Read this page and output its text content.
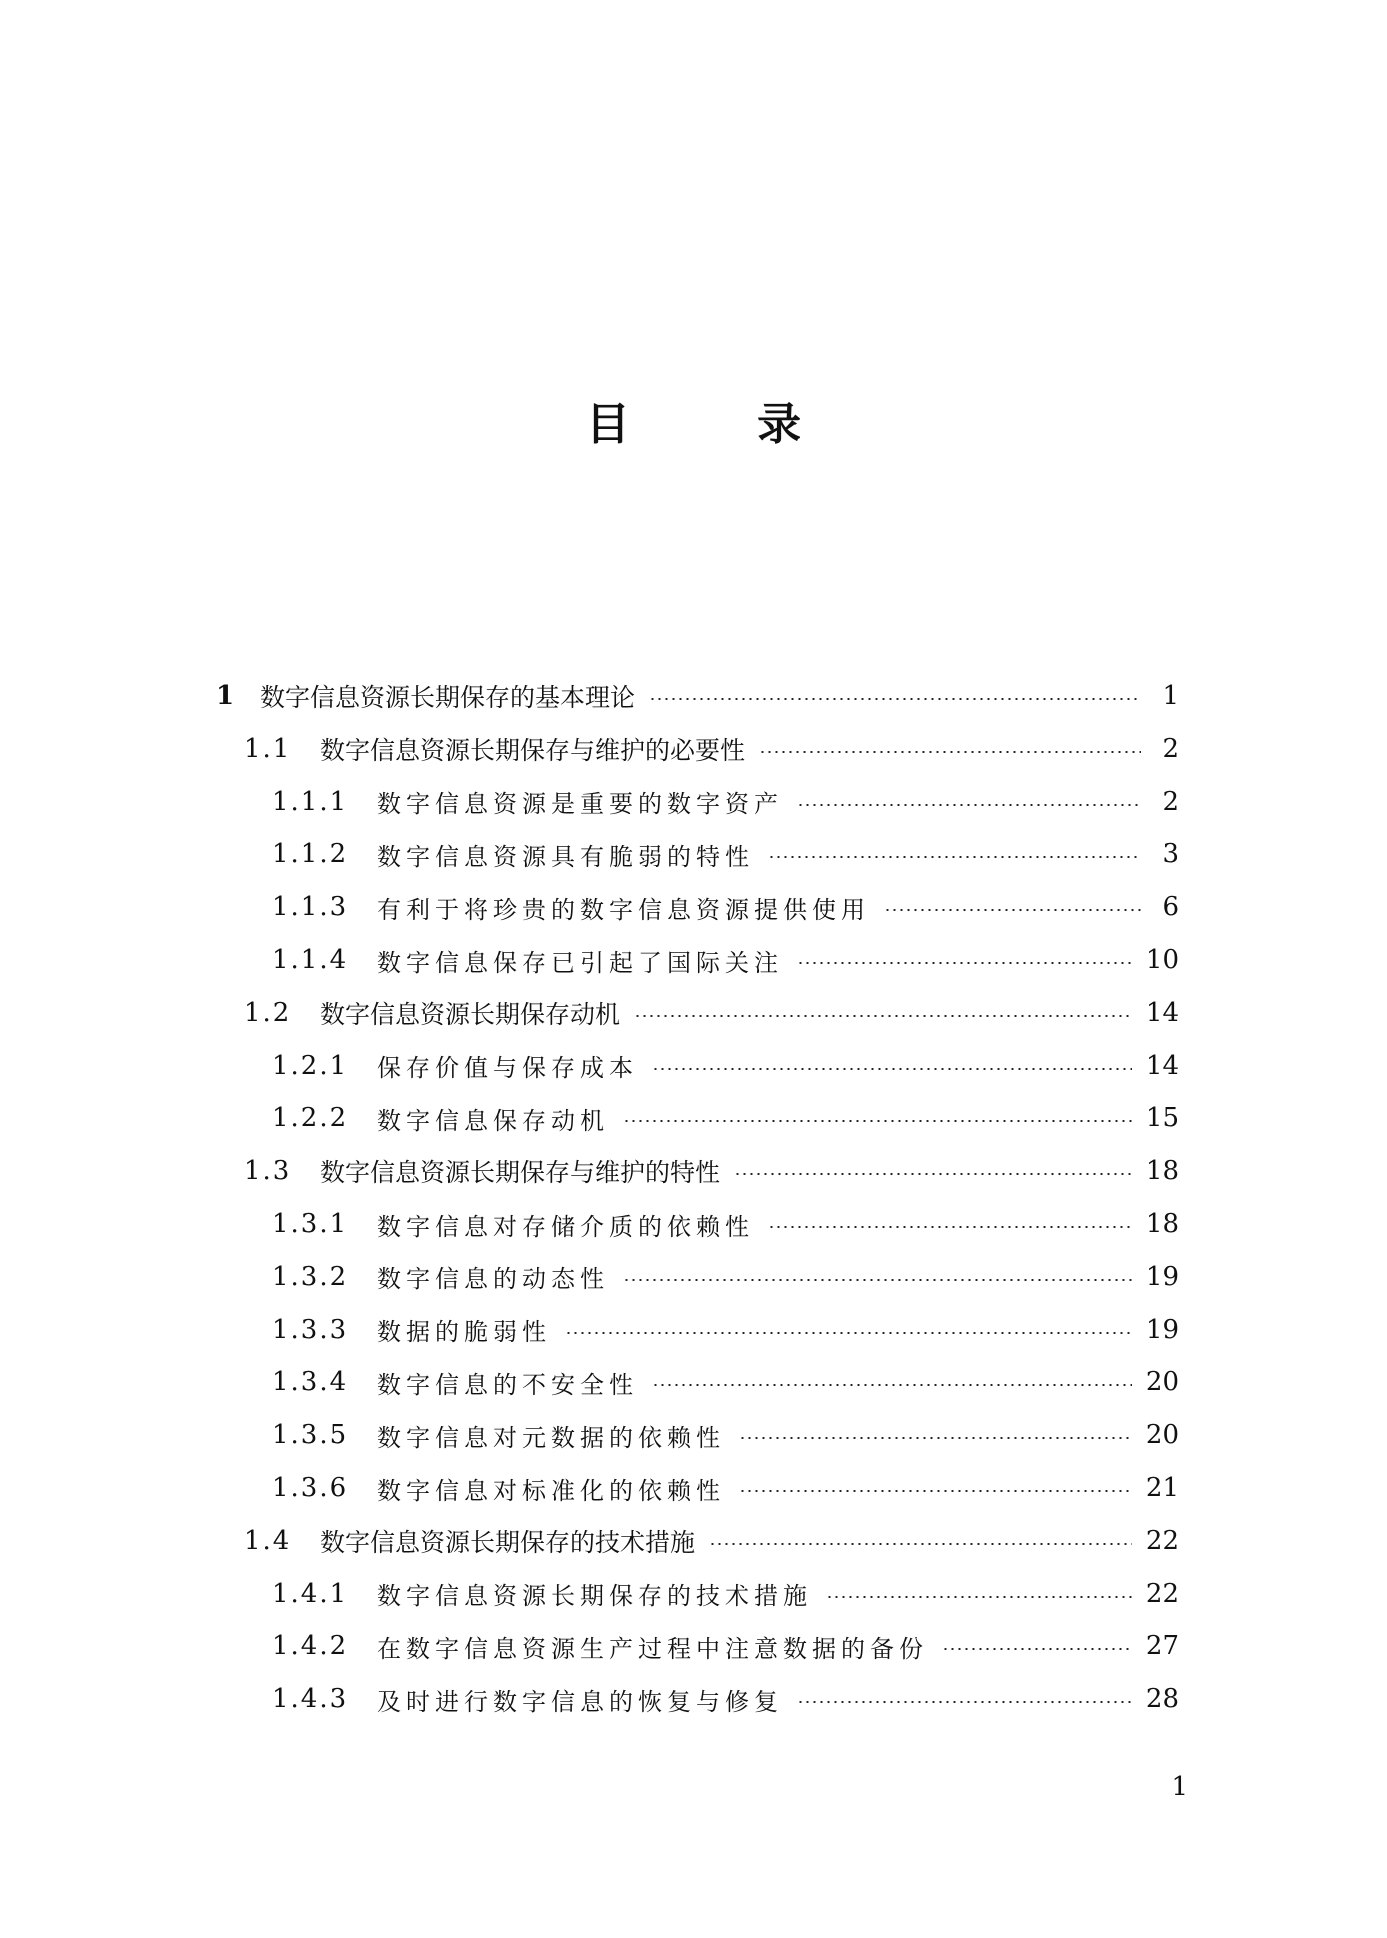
目 录
1 数字信息资源长期保存的基本理论	1
1.1	数字信息资源长期保存与维护的必要性	2
1.1.1	数字信息资源是重要的数字资产	2
1.1.2	数字信息资源具有脆弱的特性	3
1.1.3	有利于将珍贵的数字信息资源提供使用	6
1.1.4	数字信息保存已引起了国际关注	10
1.2	数字信息资源长期保存动机	14
1.2.1	保存价值与保存成本	14
1.2.2	数字信息保存动机	15
1.3	数字信息资源长期保存与维护的特性	18
1.3.1	数字信息对存储介质的依赖性	18
1.3.2	数字信息的动态性	19
1.3.3	数据的脆弱性	19
1.3.4	数字信息的不安全性	20
1.3.5	数字信息对元数据的依赖性	20
1.3.6	数字信息对标准化的依赖性	21
1.4	数字信息资源长期保存的技术措施	22
1.4.1	数字信息资源长期保存的技术措施	22
1.4.2	在数字信息资源生产过程中注意数据的备份	27
1.4.3	及时进行数字信息的恢复与修复	28
1
